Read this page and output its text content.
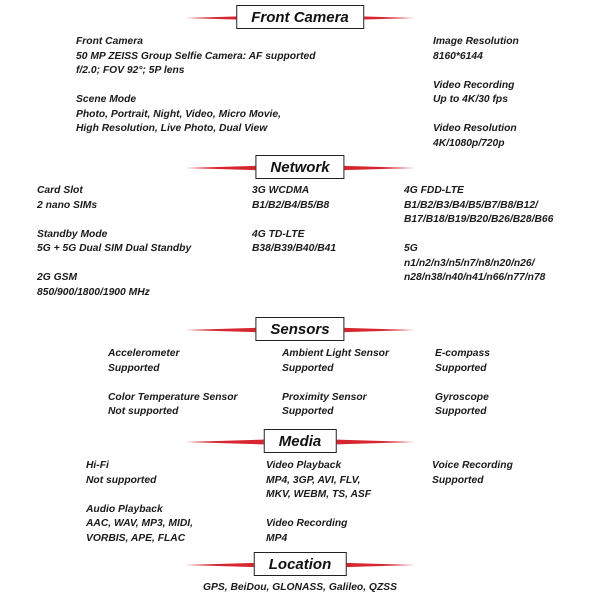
Front Camera
Front Camera
50 MP ZEISS Group Selfie Camera: AF supported
f/2.0; FOV 92°; 5P lens
Scene Mode
Photo, Portrait, Night, Video, Micro Movie,
High Resolution, Live Photo, Dual View
Image Resolution
8160*6144
Video Recording
Up to 4K/30 fps
Video Resolution
4K/1080p/720p
Network
Card Slot
2 nano SIMs
Standby Mode
5G + 5G Dual SIM Dual Standby
2G GSM
850/900/1800/1900 MHz
3G WCDMA
B1/B2/B4/B5/B8
4G TD-LTE
B38/B39/B40/B41
4G FDD-LTE
B1/B2/B3/B4/B5/B7/B8/B12/
B17/B18/B19/B20/B26/B28/B66
5G
n1/n2/n3/n5/n7/n8/n20/n26/
n28/n38/n40/n41/n66/n77/n78
Sensors
Accelerometer
Supported
Color Temperature Sensor
Not supported
Ambient Light Sensor
Supported
Proximity Sensor
Supported
E-compass
Supported
Gyroscope
Supported
Media
Hi-Fi
Not supported
Audio Playback
AAC, WAV, MP3, MIDI,
VORBIS, APE, FLAC
Video Playback
MP4, 3GP, AVI, FLV,
MKV, WEBM, TS, ASF
Video Recording
MP4
Voice Recording
Supported
Location
GPS, BeiDou, GLONASS, Galileo, QZSS
